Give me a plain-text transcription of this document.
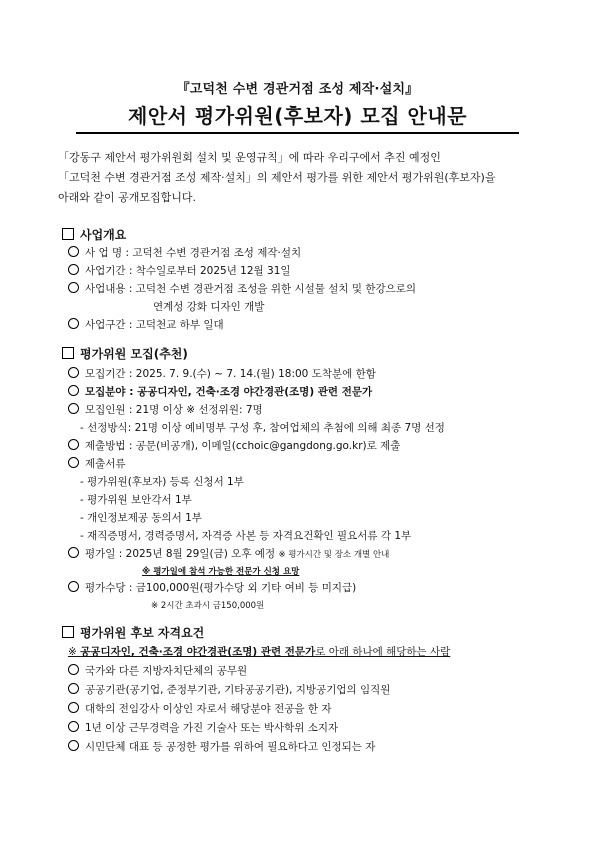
『고덕천 수변 경관거점 조성 제작·설치』
제안서 평가위원(후보자) 모집 안내문
「강동구 제안서 평가위원회 설치 및 운영규칙」에 따라 우리구에서 추진 예정인
「고덕천 수변 경관거점 조성 제작·설치」의 제안서 평가를 위한 제안서 평가위원(후보자)을
아래와 같이 공개모집합니다.
사업개요
사 업 명 : 고덕천 수변 경관거점 조성 제작·설치
사업기간 : 착수일로부터 2025년 12월 31일
사업내용 : 고덕천 수변 경관거점 조성을 위한 시설물 설치 및 한강으로의
연계성 강화 디자인 개발
사업구간 : 고덕천교 하부 일대
평가위원 모집(추천)
모집기간 : 2025. 7. 9.(수) ~ 7. 14.(월) 18:00 도착분에 한함
모집분야 : 공공디자인, 건축·조경 야간경관(조명) 관련 전문가
모집인원 : 21명 이상 ※ 선정위원: 7명
- 선정방식: 21명 이상 예비명부 구성 후, 참여업체의 추첨에 의해 최종 7명 선정
제출방법 : 공문(비공개), 이메일(cchoic@gangdong.go.kr)로 제출
제출서류
- 평가위원(후보자) 등록 신청서 1부
- 평가위원 보안각서 1부
- 개인정보제공 동의서 1부
- 재직증명서, 경력증명서, 자격증 사본 등 자격요건확인 필요서류 각 1부
평가일 : 2025년 8월 29일(금) 오후 예정 ※ 평가시간 및 장소 개별 안내
※ 평가일에 참석 가능한 전문가 신청 요망
평가수당 : 금100,000원(평가수당 외 기타 여비 등 미지급)
※ 2시간 초과시 금150,000원
평가위원 후보 자격요건
※ 공공디자인, 건축·조경 야간경관(조명) 관련 전문가로 아래 하나에 해당하는 사람
국가와 다른 지방자치단체의 공무원
공공기관(공기업, 준정부기관, 기타공공기관), 지방공기업의 임직원
대학의 전임강사 이상인 자로서 해당분야 전공을 한 자
1년 이상 근무경력을 가진 기술사 또는 박사학위 소지자
시민단체 대표 등 공정한 평가를 위하여 필요하다고 인정되는 자
